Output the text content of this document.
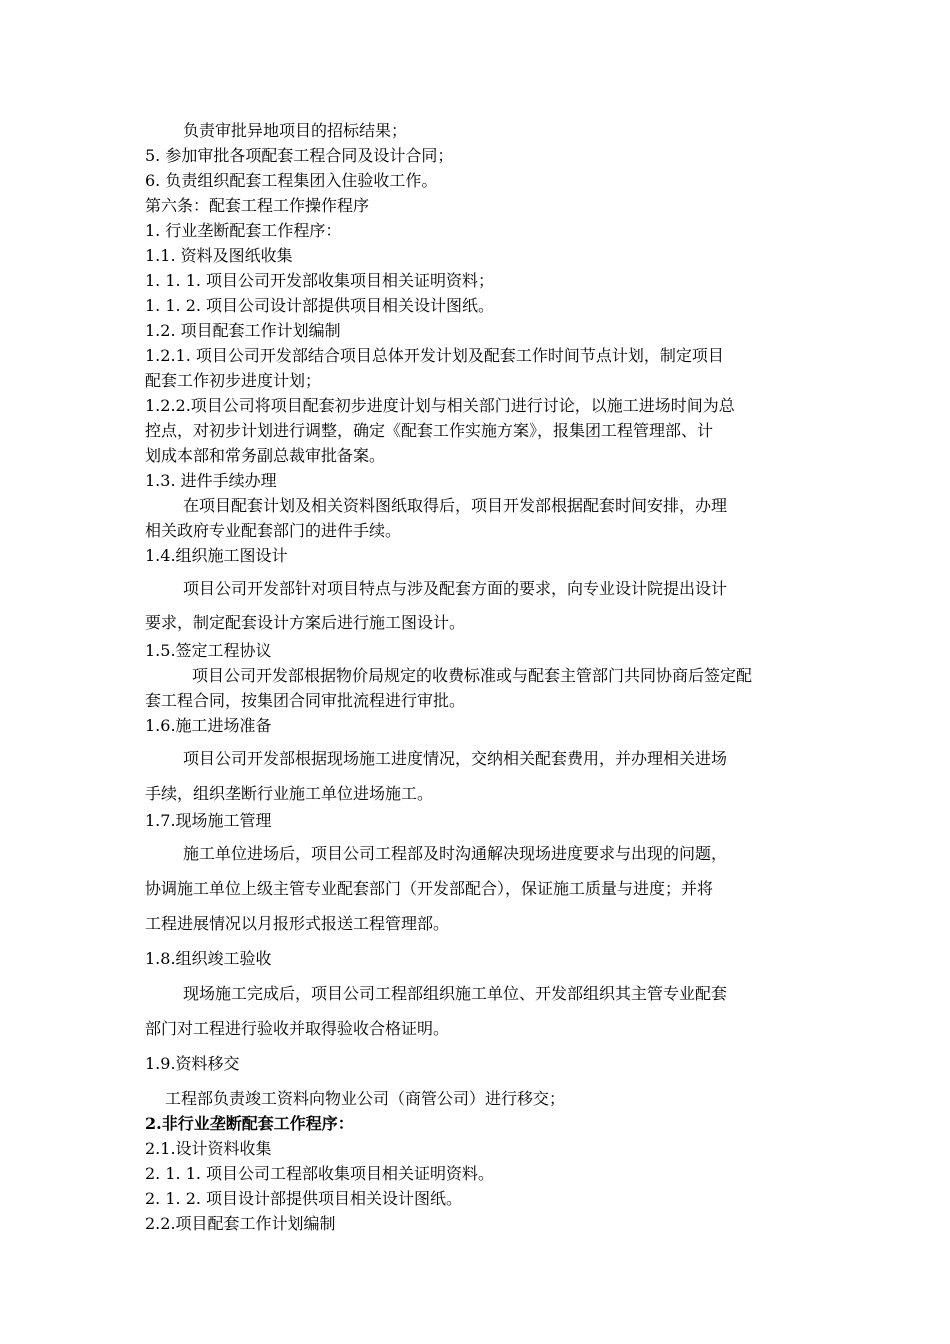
负责审批异地项目的招标结果；
5. 参加审批各项配套工程合同及设计合同；
6. 负责组织配套工程集团入住验收工作。
第六条：配套工程工作操作程序
1. 行业垄断配套工作程序：
1.1. 资料及图纸收集
1. 1. 1. 项目公司开发部收集项目相关证明资料；
1. 1. 2. 项目公司设计部提供项目相关设计图纸。
1.2. 项目配套工作计划编制
1.2.1. 项目公司开发部结合项目总体开发计划及配套工作时间节点计划，制定项目
配套工作初步进度计划；
1.2.2.项目公司将项目配套初步进度计划与相关部门进行讨论，以施工进场时间为总
控点，对初步计划进行调整，确定《配套工作实施方案》，报集团工程管理部、计
划成本部和常务副总裁审批备案。
1.3. 进件手续办理
在项目配套计划及相关资料图纸取得后，项目开发部根据配套时间安排，办理
相关政府专业配套部门的进件手续。
1.4.组织施工图设计
项目公司开发部针对项目特点与涉及配套方面的要求，向专业设计院提出设计
要求，制定配套设计方案后进行施工图设计。
1.5.签定工程协议
项目公司开发部根据物价局规定的收费标准或与配套主管部门共同协商后签定配
套工程合同，按集团合同审批流程进行审批。
1.6.施工进场准备
项目公司开发部根据现场施工进度情况，交纳相关配套费用，并办理相关进场
手续，组织垄断行业施工单位进场施工。
1.7.现场施工管理
施工单位进场后，项目公司工程部及时沟通解决现场进度要求与出现的问题，
协调施工单位上级主管专业配套部门（开发部配合），保证施工质量与进度；并将
工程进展情况以月报形式报送工程管理部。
1.8.组织竣工验收
现场施工完成后，项目公司工程部组织施工单位、开发部组织其主管专业配套
部门对工程进行验收并取得验收合格证明。
1.9.资料移交
工程部负责竣工资料向物业公司（商管公司）进行移交；
2.非行业垄断配套工作程序：
2.1.设计资料收集
2. 1. 1. 项目公司工程部收集项目相关证明资料。
2. 1. 2. 项目设计部提供项目相关设计图纸。
2.2.项目配套工作计划编制
